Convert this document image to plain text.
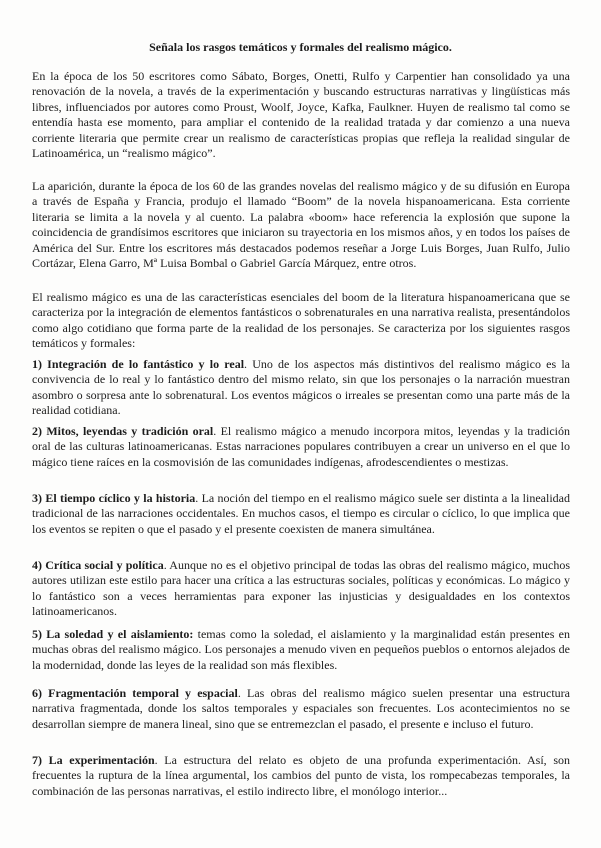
Señala los rasgos temáticos y formales del realismo mágico.

En la época de los 50 escritores como Sábato, Borges, Onetti, Rulfo y Carpentier han consolidado ya una renovación de la novela, a través de la experimentación y buscando estructuras narrativas y lingüísticas más libres, influenciados por autores como Proust, Woolf, Joyce, Kafka, Faulkner. Huyen de realismo tal como se entendía hasta ese momento, para ampliar el contenido de la realidad tratada y dar comienzo a una nueva corriente literaria que permite crear un realismo de características propias que refleja la realidad singular de Latinoamérica, un “realismo mágico”.

La aparición, durante la época de los 60 de las grandes novelas del realismo mágico y de su difusión en Europa a través de España y Francia, produjo el llamado “Boom” de la novela hispanoamericana. Esta corriente literaria se limita a la novela y al cuento. La palabra «boom» hace referencia la explosión que supone la coincidencia de grandísimos escritores que iniciaron su trayectoria en los mismos años, y en todos los países de América del Sur. Entre los escritores más destacados podemos reseñar a Jorge Luis Borges, Juan Rulfo, Julio Cortázar, Elena Garro, Mª Luisa Bombal o Gabriel García Márquez, entre otros.

El realismo mágico es una de las características esenciales del boom de la literatura hispanoamericana que se caracteriza por la integración de elementos fantásticos o sobrenaturales en una narrativa realista, presentándolos como algo cotidiano que forma parte de la realidad de los personajes. Se caracteriza por los siguientes rasgos temáticos y formales:

1) Integración de lo fantástico y lo real. Uno de los aspectos más distintivos del realismo mágico es la convivencia de lo real y lo fantástico dentro del mismo relato, sin que los personajes o la narración muestran asombro o sorpresa ante lo sobrenatural. Los eventos mágicos o irreales se presentan como una parte más de la realidad cotidiana.

2) Mitos, leyendas y tradición oral. El realismo mágico a menudo incorpora mitos, leyendas y la tradición oral de las culturas latinoamericanas. Estas narraciones populares contribuyen a crear un universo en el que lo mágico tiene raíces en la cosmovisión de las comunidades indígenas, afrodescendientes o mestizas.

3) El tiempo cíclico y la historia. La noción del tiempo en el realismo mágico suele ser distinta a la linealidad tradicional de las narraciones occidentales. En muchos casos, el tiempo es circular o cíclico, lo que implica que los eventos se repiten o que el pasado y el presente coexisten de manera simultánea.

4) Crítica social y política. Aunque no es el objetivo principal de todas las obras del realismo mágico, muchos autores utilizan este estilo para hacer una crítica a las estructuras sociales, políticas y económicas. Lo mágico y lo fantástico son a veces herramientas para exponer las injusticias y desigualdades en los contextos latinoamericanos.

5) La soledad y el aislamiento: temas como la soledad, el aislamiento y la marginalidad están presentes en muchas obras del realismo mágico. Los personajes a menudo viven en pequeños pueblos o entornos alejados de la modernidad, donde las leyes de la realidad son más flexibles.

6) Fragmentación temporal y espacial. Las obras del realismo mágico suelen presentar una estructura narrativa fragmentada, donde los saltos temporales y espaciales son frecuentes. Los acontecimientos no se desarrollan siempre de manera lineal, sino que se entremezclan el pasado, el presente e incluso el futuro.

7) La experimentación. La estructura del relato es objeto de una profunda experimentación. Así, son frecuentes la ruptura de la línea argumental, los cambios del punto de vista, los rompecabezas temporales, la combinación de las personas narrativas, el estilo indirecto libre, el monólogo interior...
